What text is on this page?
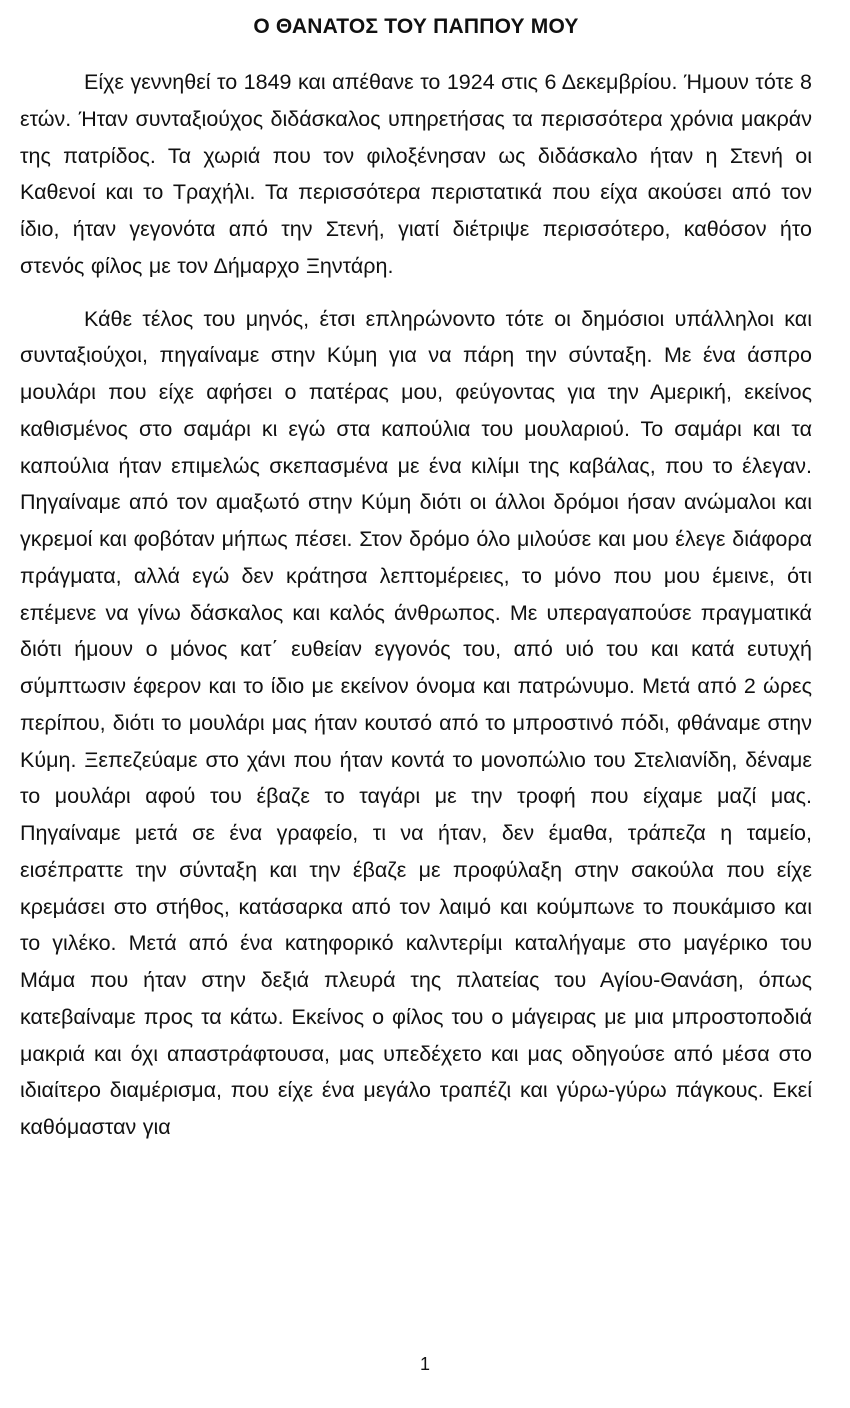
Ο ΘΑΝΑΤΟΣ ΤΟΥ ΠΑΠΠΟΥ ΜΟΥ

Είχε γεννηθεί το 1849 και απέθανε το 1924 στις 6 Δεκεμβρίου. Ήμουν τότε 8 ετών. Ήταν συνταξιούχος διδάσκαλος υπηρετήσας τα περισσότερα χρόνια μακράν της πατρίδος. Τα χωριά που τον φιλοξένησαν ως διδάσκαλο ήταν η Στενή οι Καθενοί και το Τραχήλι. Τα περισσότερα περιστατικά που είχα ακούσει από τον ίδιο, ήταν γεγονότα από την Στενή, γιατί διέτριψε περισσότερο, καθόσον ήτο στενός φίλος με τον Δήμαρχο Ξηντάρη.

Κάθε τέλος του μηνός, έτσι επληρώνοντο τότε οι δημόσιοι υπάλληλοι και συνταξιούχοι, πηγαίναμε στην Κύμη για να πάρη την σύνταξη. Με ένα άσπρο μουλάρι που είχε αφήσει ο πατέρας μου, φεύγοντας για την Αμερική, εκείνος καθισμένος στο σαμάρι κι εγώ στα καπούλια του μουλαριού. Το σαμάρι και τα καπούλια ήταν επιμελώς σκεπασμένα με ένα κιλίμι της καβάλας, που το έλεγαν. Πηγαίναμε από τον αμαξωτό στην Κύμη διότι οι άλλοι δρόμοι ήσαν ανώμαλοι και γκρεμοί και φοβόταν μήπως πέσει. Στον δρόμο όλο μιλούσε και μου έλεγε διάφορα πράγματα, αλλά εγώ δεν κράτησα λεπτομέρειες, το μόνο που μου έμεινε, ότι επέμενε να γίνω δάσκαλος και καλός άνθρωπος. Με υπεραγαπούσε πραγματικά διότι ήμουν ο μόνος κατ΄ ευθείαν εγγονός του, από υιό του και κατά ευτυχή σύμπτωσιν έφερον και το ίδιο με εκείνον όνομα και πατρώνυμο. Μετά από 2 ώρες περίπου, διότι το μουλάρι μας ήταν κουτσό από το μπροστινό πόδι, φθάναμε στην Κύμη. Ξεπεζεύαμε στο χάνι που ήταν κοντά το μονοπώλιο του Στελιανίδη, δέναμε το μουλάρι αφού του έβαζε το ταγάρι με την τροφή που είχαμε μαζί μας. Πηγαίναμε μετά σε ένα γραφείο, τι να ήταν, δεν έμαθα, τράπεζα η ταμείο, εισέπραττε την σύνταξη και την έβαζε με προφύλαξη στην σακούλα που είχε κρεμάσει στο στήθος, κατάσαρκα από τον λαιμό και κούμπωνε το πουκάμισο και το γιλέκο. Μετά από ένα κατηφορικό καλντερίμι καταλήγαμε στο μαγέρικο του Μάμα που ήταν στην δεξιά πλευρά της πλατείας του Αγίου-Θανάση, όπως κατεβαίναμε προς τα κάτω. Εκείνος ο φίλος του ο μάγειρας με μια μπροστοποδιά μακριά και όχι απαστράφτουσα, μας υπεδέχετο και μας οδηγούσε από μέσα στο ιδιαίτερο διαμέρισμα, που είχε ένα μεγάλο τραπέζι και γύρω-γύρω πάγκους. Εκεί καθόμασταν για

1
